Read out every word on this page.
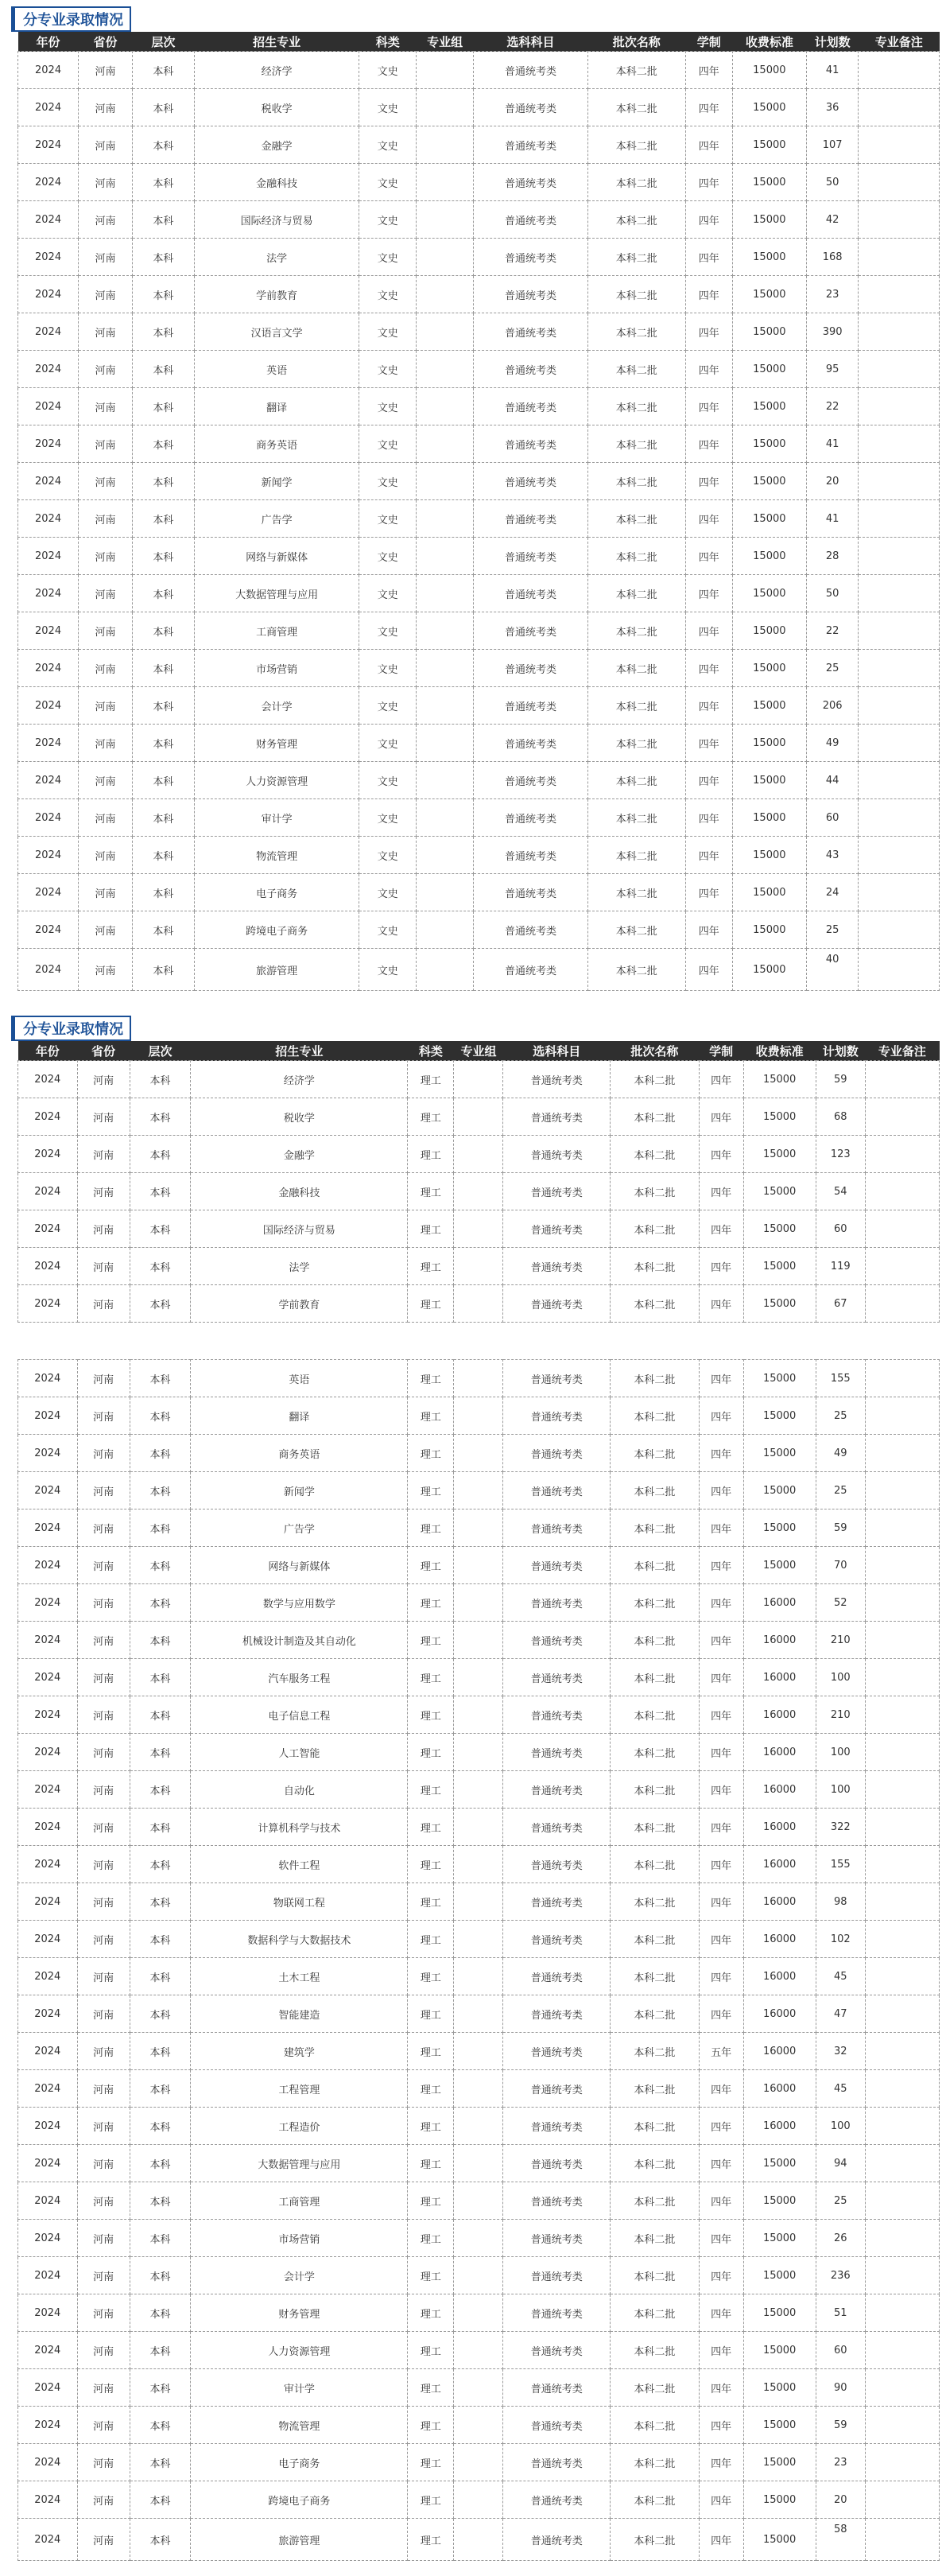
分专业录取情况
年份	省份	层次	招生专业	科类	专业组	选科科目	批次名称	学制	收费标准	计划数	专业备注
2024	河南	本科	经济学	文史		普通统考类	本科二批	四年	15000	41	
2024	河南	本科	税收学	文史		普通统考类	本科二批	四年	15000	36	
2024	河南	本科	金融学	文史		普通统考类	本科二批	四年	15000	107	
2024	河南	本科	金融科技	文史		普通统考类	本科二批	四年	15000	50	
2024	河南	本科	国际经济与贸易	文史		普通统考类	本科二批	四年	15000	42	
2024	河南	本科	法学	文史		普通统考类	本科二批	四年	15000	168	
2024	河南	本科	学前教育	文史		普通统考类	本科二批	四年	15000	23	
2024	河南	本科	汉语言文学	文史		普通统考类	本科二批	四年	15000	390	
2024	河南	本科	英语	文史		普通统考类	本科二批	四年	15000	95	
2024	河南	本科	翻译	文史		普通统考类	本科二批	四年	15000	22	
2024	河南	本科	商务英语	文史		普通统考类	本科二批	四年	15000	41	
2024	河南	本科	新闻学	文史		普通统考类	本科二批	四年	15000	20	
2024	河南	本科	广告学	文史		普通统考类	本科二批	四年	15000	41	
2024	河南	本科	网络与新媒体	文史		普通统考类	本科二批	四年	15000	28	
2024	河南	本科	大数据管理与应用	文史		普通统考类	本科二批	四年	15000	50	
2024	河南	本科	工商管理	文史		普通统考类	本科二批	四年	15000	22	
2024	河南	本科	市场营销	文史		普通统考类	本科二批	四年	15000	25	
2024	河南	本科	会计学	文史		普通统考类	本科二批	四年	15000	206	
2024	河南	本科	财务管理	文史		普通统考类	本科二批	四年	15000	49	
2024	河南	本科	人力资源管理	文史		普通统考类	本科二批	四年	15000	44	
2024	河南	本科	审计学	文史		普通统考类	本科二批	四年	15000	60	
2024	河南	本科	物流管理	文史		普通统考类	本科二批	四年	15000	43	
2024	河南	本科	电子商务	文史		普通统考类	本科二批	四年	15000	24	
2024	河南	本科	跨境电子商务	文史		普通统考类	本科二批	四年	15000	25	
2024	河南	本科	旅游管理	文史		普通统考类	本科二批	四年	15000	40	
分专业录取情况
年份	省份	层次	招生专业	科类	专业组	选科科目	批次名称	学制	收费标准	计划数	专业备注
2024	河南	本科	经济学	理工		普通统考类	本科二批	四年	15000	59	
2024	河南	本科	税收学	理工		普通统考类	本科二批	四年	15000	68	
2024	河南	本科	金融学	理工		普通统考类	本科二批	四年	15000	123	
2024	河南	本科	金融科技	理工		普通统考类	本科二批	四年	15000	54	
2024	河南	本科	国际经济与贸易	理工		普通统考类	本科二批	四年	15000	60	
2024	河南	本科	法学	理工		普通统考类	本科二批	四年	15000	119	
2024	河南	本科	学前教育	理工		普通统考类	本科二批	四年	15000	67	

2024	河南	本科	英语	理工		普通统考类	本科二批	四年	15000	155	
2024	河南	本科	翻译	理工		普通统考类	本科二批	四年	15000	25	
2024	河南	本科	商务英语	理工		普通统考类	本科二批	四年	15000	49	
2024	河南	本科	新闻学	理工		普通统考类	本科二批	四年	15000	25	
2024	河南	本科	广告学	理工		普通统考类	本科二批	四年	15000	59	
2024	河南	本科	网络与新媒体	理工		普通统考类	本科二批	四年	15000	70	
2024	河南	本科	数学与应用数学	理工		普通统考类	本科二批	四年	16000	52	
2024	河南	本科	机械设计制造及其自动化	理工		普通统考类	本科二批	四年	16000	210	
2024	河南	本科	汽车服务工程	理工		普通统考类	本科二批	四年	16000	100	
2024	河南	本科	电子信息工程	理工		普通统考类	本科二批	四年	16000	210	
2024	河南	本科	人工智能	理工		普通统考类	本科二批	四年	16000	100	
2024	河南	本科	自动化	理工		普通统考类	本科二批	四年	16000	100	
2024	河南	本科	计算机科学与技术	理工		普通统考类	本科二批	四年	16000	322	
2024	河南	本科	软件工程	理工		普通统考类	本科二批	四年	16000	155	
2024	河南	本科	物联网工程	理工		普通统考类	本科二批	四年	16000	98	
2024	河南	本科	数据科学与大数据技术	理工		普通统考类	本科二批	四年	16000	102	
2024	河南	本科	土木工程	理工		普通统考类	本科二批	四年	16000	45	
2024	河南	本科	智能建造	理工		普通统考类	本科二批	四年	16000	47	
2024	河南	本科	建筑学	理工		普通统考类	本科二批	五年	16000	32	
2024	河南	本科	工程管理	理工		普通统考类	本科二批	四年	16000	45	
2024	河南	本科	工程造价	理工		普通统考类	本科二批	四年	16000	100	
2024	河南	本科	大数据管理与应用	理工		普通统考类	本科二批	四年	15000	94	
2024	河南	本科	工商管理	理工		普通统考类	本科二批	四年	15000	25	
2024	河南	本科	市场营销	理工		普通统考类	本科二批	四年	15000	26	
2024	河南	本科	会计学	理工		普通统考类	本科二批	四年	15000	236	
2024	河南	本科	财务管理	理工		普通统考类	本科二批	四年	15000	51	
2024	河南	本科	人力资源管理	理工		普通统考类	本科二批	四年	15000	60	
2024	河南	本科	审计学	理工		普通统考类	本科二批	四年	15000	90	
2024	河南	本科	物流管理	理工		普通统考类	本科二批	四年	15000	59	
2024	河南	本科	电子商务	理工		普通统考类	本科二批	四年	15000	23	
2024	河南	本科	跨境电子商务	理工		普通统考类	本科二批	四年	15000	20	
2024	河南	本科	旅游管理	理工		普通统考类	本科二批	四年	15000	58	
